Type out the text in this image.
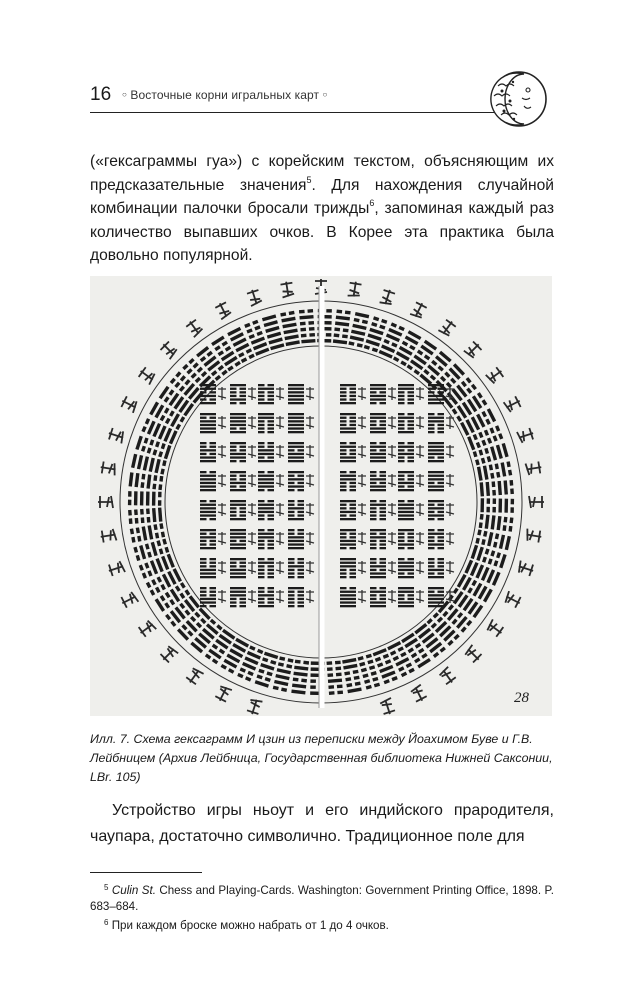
16 ○ Восточные корни игральных карт ○

(«гексаграммы гуа») с корейским текстом, объясняющим их предсказательные значения$^5$. Для нахождения случайной комбинации палочки бросали трижды$^6$, запоминая каждый раз количество выпавших очков. В Корее эта практика была довольно популярной.

28

Илл. 7. Схема гексаграмм И цзин из переписки между Йоахимом Буве и Г.В. Лейбницем (Архив Лейбница, Государственная библиотека Нижней Саксонии, LBr. 105)

Устройство игры ньоут и его индийского прародителя, чаупара, достаточно символично. Традиционное поле для

$^5$ Culin St. Chess and Playing-Cards. Washington: Government Printing Office, 1898. P. 683–684.

$^6$ При каждом броске можно набрать от 1 до 4 очков.
